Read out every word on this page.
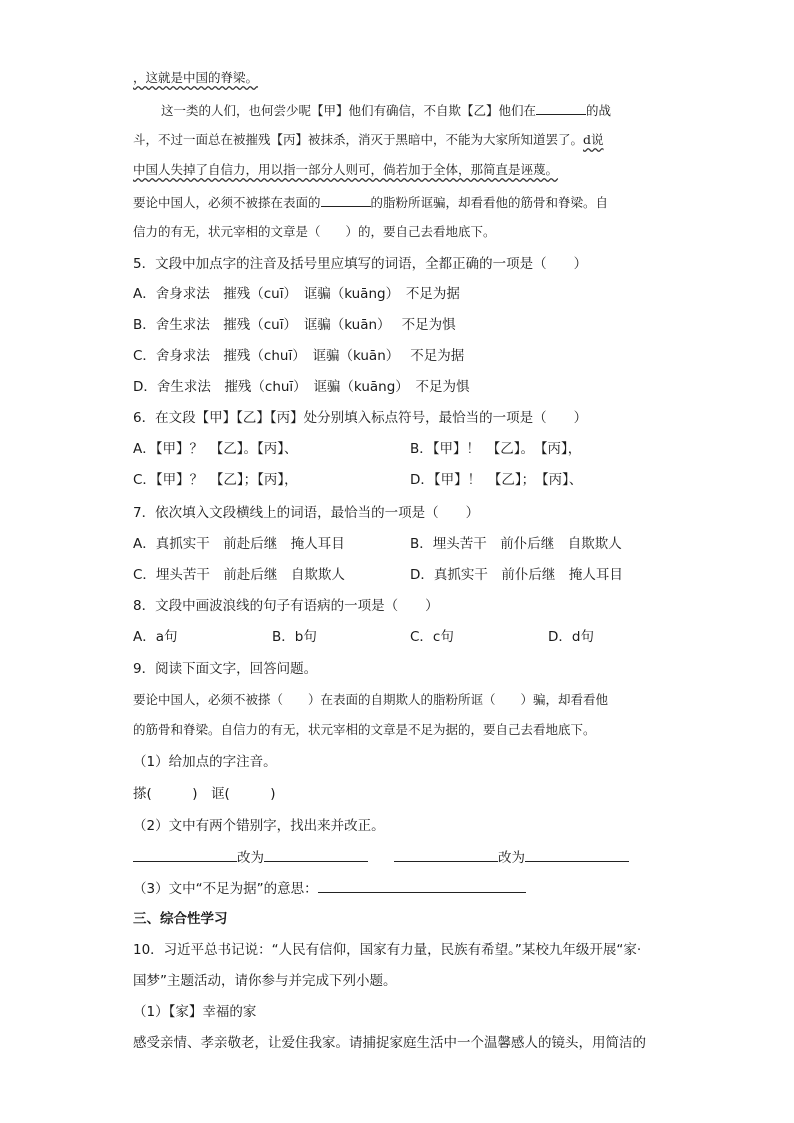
，这就是中国的脊梁。
这一类的人们，也何尝少呢【甲】他们有确信，不自欺【乙】他们在	的战
斗，不过一面总在被摧残【丙】被抹杀，消灭于黑暗中，不能为大家所知道罢了。d说
中国人失掉了自信力，用以指一部分人则可，倘若加于全体，那简直是诬蔑。
要论中国人，必须不被搽在表面的	的脂粉所诓骗，却看看他的筋骨和脊梁。自
信力的有无，状元宰相的文章是（　　）的，要自己去看地底下。
5．文段中加点字的注音及括号里应填写的词语，全都正确的一项是（　　）
A．舍身求法　摧残（cuī）　诓骗（kuāng）　不足为据
B．舍生求法　摧残（cuī）　诓骗（kuān）　 不足为惧
C．舍身求法　摧残（chuī）　诓骗（kuān）　 不足为据
D．舍生求法　摧残（chuī）　诓骗（kuāng）　不足为惧
6．在文段【甲】【乙】【丙】处分别填入标点符号，最恰当的一项是（　　）
A．【甲】？　【乙】。【丙】、	B．【甲】！　【乙】。　【丙】，
C．【甲】？　【乙】；【丙】，	D．【甲】！　【乙】；　【丙】、
7．依次填入文段横线上的词语，最恰当的一项是（　　）
A．真抓实干　前赴后继　掩人耳目	B．埋头苦干　前仆后继　自欺欺人
C．埋头苦干　前赴后继　自欺欺人	D．真抓实干　前仆后继　掩人耳目
8．文段中画波浪线的句子有语病的一项是（　　）
A．a句	B．b句	C．c句	D．d句
9．阅读下面文字，回答问题。
要论中国人，必须不被搽（　　）在表面的自期欺人的脂粉所诓（　　）骗，却看看他
的筋骨和脊梁。自信力的有无，状元宰相的文章是不足为据的，要自己去看地底下。
（1）给加点的字注音。
搽(　　　)　诓(　　　)
（2）文中有两个错别字，找出来并改正。
改为	改为
（3）文中“不足为据”的意思：
三、综合性学习
10．习近平总书记说：“人民有信仰，国家有力量，民族有希望。”某校九年级开展“家·
国梦”主题活动，请你参与并完成下列小题。
（1）【家】幸福的家
感受亲情、孝亲敬老，让爱住我家。请捕捉家庭生活中一个温馨感人的镜头，用简洁的
